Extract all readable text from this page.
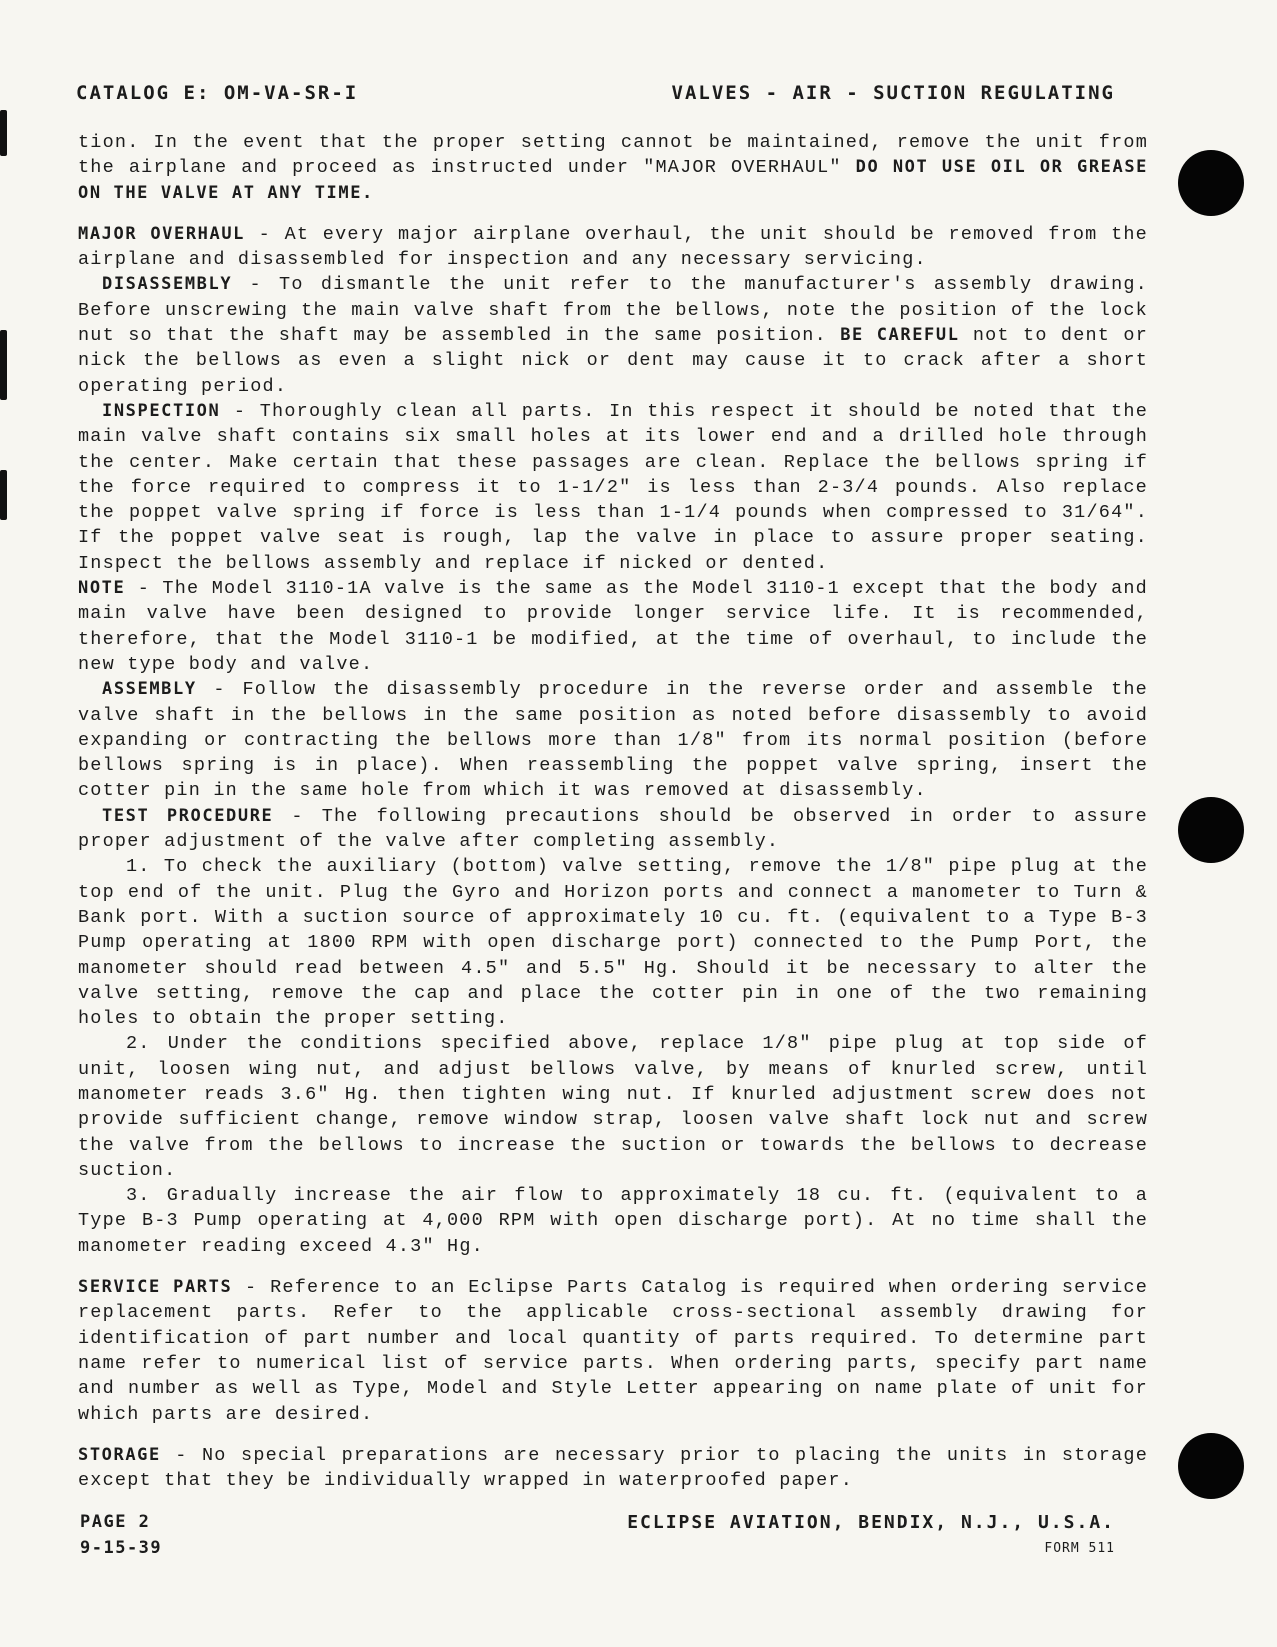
CATALOG E: OM-VA-SR-I	VALVES - AIR - SUCTION REGULATING

tion. In the event that the proper setting cannot be maintained, remove the unit from the airplane and proceed as instructed under "MAJOR OVERHAUL" DO NOT USE OIL OR GREASE ON THE VALVE AT ANY TIME.

MAJOR OVERHAUL - At every major airplane overhaul, the unit should be removed from the airplane and disassembled for inspection and any necessary servicing.

DISASSEMBLY - To dismantle the unit refer to the manufacturer's assembly drawing. Before unscrewing the main valve shaft from the bellows, note the position of the lock nut so that the shaft may be assembled in the same position. BE CAREFUL not to dent or nick the bellows as even a slight nick or dent may cause it to crack after a short operating period.

INSPECTION - Thoroughly clean all parts. In this respect it should be noted that the main valve shaft contains six small holes at its lower end and a drilled hole through the center. Make certain that these passages are clean. Replace the bellows spring if the force required to compress it to 1-1/2" is less than 2-3/4 pounds. Also replace the poppet valve spring if force is less than 1-1/4 pounds when compressed to 31/64". If the poppet valve seat is rough, lap the valve in place to assure proper seating. Inspect the bellows assembly and replace if nicked or dented.

NOTE - The Model 3110-1A valve is the same as the Model 3110-1 except that the body and main valve have been designed to provide longer service life. It is recommended, therefore, that the Model 3110-1 be modified, at the time of overhaul, to include the new type body and valve.

ASSEMBLY - Follow the disassembly procedure in the reverse order and assemble the valve shaft in the bellows in the same position as noted before disassembly to avoid expanding or contracting the bellows more than 1/8" from its normal position (before bellows spring is in place). When reassembling the poppet valve spring, insert the cotter pin in the same hole from which it was removed at disassembly.

TEST PROCEDURE - The following precautions should be observed in order to assure proper adjustment of the valve after completing assembly.

1. To check the auxiliary (bottom) valve setting, remove the 1/8" pipe plug at the top end of the unit. Plug the Gyro and Horizon ports and connect a manometer to Turn & Bank port. With a suction source of approximately 10 cu. ft. (equivalent to a Type B-3 Pump operating at 1800 RPM with open discharge port) connected to the Pump Port, the manometer should read between 4.5" and 5.5" Hg. Should it be necessary to alter the valve setting, remove the cap and place the cotter pin in one of the two remaining holes to obtain the proper setting.

2. Under the conditions specified above, replace 1/8" pipe plug at top side of unit, loosen wing nut, and adjust bellows valve, by means of knurled screw, until manometer reads 3.6" Hg. then tighten wing nut. If knurled adjustment screw does not provide sufficient change, remove window strap, loosen valve shaft lock nut and screw the valve from the bellows to increase the suction or towards the bellows to decrease suction.

3. Gradually increase the air flow to approximately 18 cu. ft. (equivalent to a Type B-3 Pump operating at 4,000 RPM with open discharge port). At no time shall the manometer reading exceed 4.3" Hg.

SERVICE PARTS - Reference to an Eclipse Parts Catalog is required when ordering service replacement parts. Refer to the applicable cross-sectional assembly drawing for identification of part number and local quantity of parts required. To determine part name refer to numerical list of service parts. When ordering parts, specify part name and number as well as Type, Model and Style Letter appearing on name plate of unit for which parts are desired.

STORAGE - No special preparations are necessary prior to placing the units in storage except that they be individually wrapped in waterproofed paper.

PAGE 2
9-15-39
ECLIPSE AVIATION, BENDIX, N.J., U.S.A.
FORM 511
